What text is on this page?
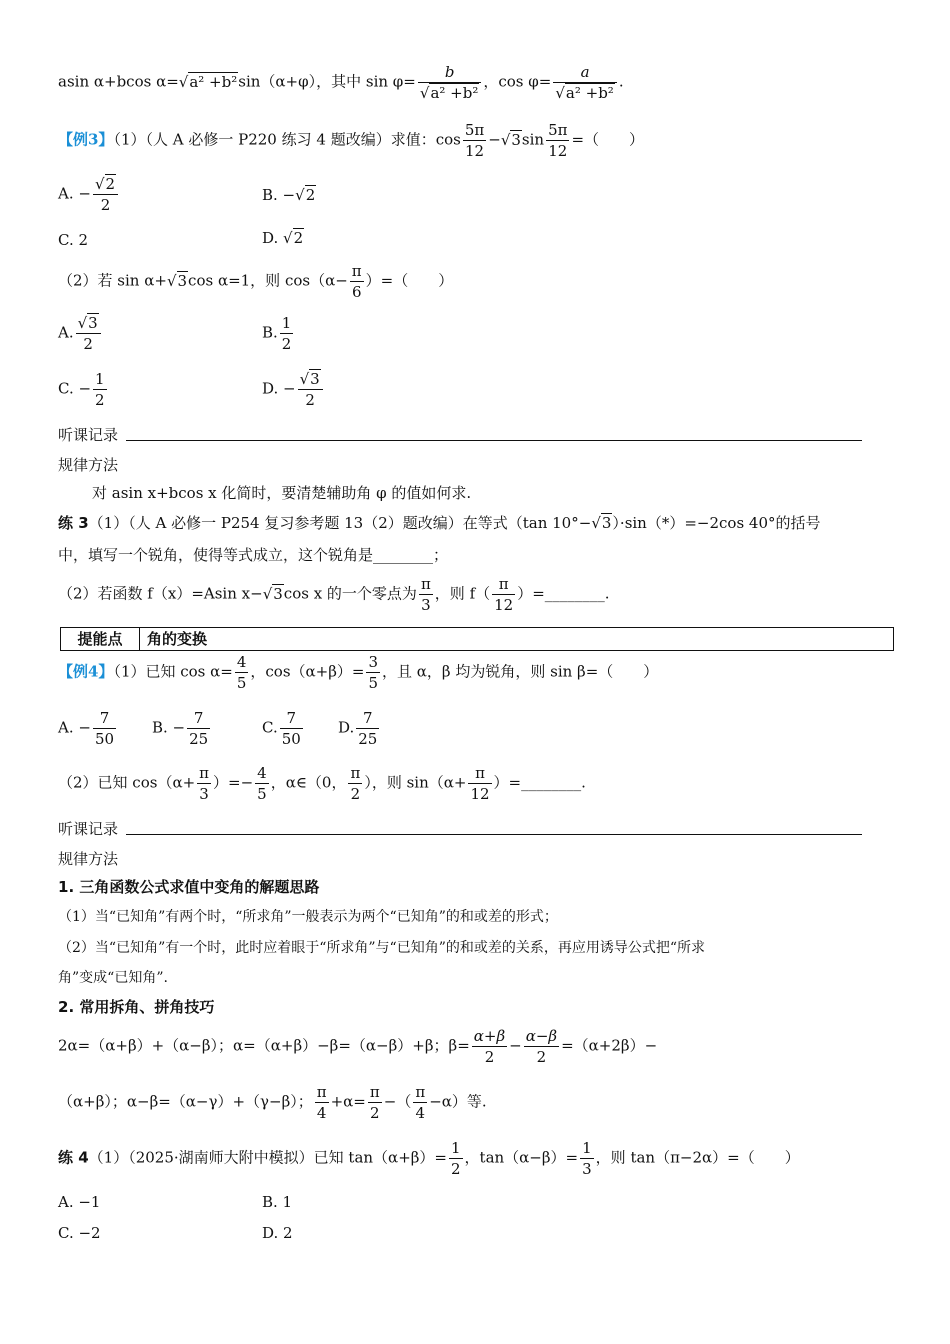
asin α+bcos α=√a² +b²sin（α+φ），其中 $\sin \varphi= \frac{b}{\text{√a² +b²}}$ ，$\cos \varphi= \frac{a}{\text{√a² +b²}}$ .
【例3】（1）（人 A 必修一 P220 练习 4 题改编）求值：$\cos \frac{5\pi}{12} -√3\sin \frac{5\pi}{12}$ =（　　）
A. − $\frac{√2}{2}$	B. −√2
C. 2	D. √2
（2）若 sin α+√3cos α=1，则 $\cos(\alpha- \frac{\pi}{6}$ ）=（　　）
A. $\frac{√3}{2}$	B. $\frac{1}{2}$
C. − $\frac{1}{2}$	D. − $\frac{√3}{2}$
听课记录
规律方法
对 asin x+bcos x 化简时，要清楚辅助角 φ 的值如何求.
练 3（1）（人 A 必修一 P254 复习参考题 13（2）题改编）在等式（tan 10°−√3）·sin（*）=−2cos 40°的括号
中，填写一个锐角，使得等式成立，这个锐角是________；
（2）若函数 f（x）=Asin x−√3cos x 的一个零点为 $\frac{\pi}{3}$ ，则 $f( \frac{\pi}{12}$ ）=________.
提能点	角的变换
【例4】（1）已知 $\cos \alpha= \frac{4}{5}$ ，$\cos(\alpha+\beta)= \frac{3}{5}$ ，且 α，β 均为锐角，则 sin β=（　　）
A. − $\frac{7}{50} B$. − $\frac{7}{25}$	C. $\frac{7}{50} D$. $\frac{7}{25}$
（2）已知 $\cos(\alpha+ \frac{\pi}{3}$ ）=− $\frac{4}{5}$ ，α∈（0， $\frac{\pi}{2}$ ），则 $\sin(\alpha+ \frac{\pi}{12}$ ）=________.
听课记录
规律方法
1. 三角函数公式求值中变角的解题思路
（1）当“已知角”有两个时，“所求角”一般表示为两个“已知角”的和或差的形式；
（2）当“已知角”有一个时，此时应着眼于“所求角”与“已知角”的和或差的关系，再应用诱导公式把“所求
角”变成“已知角”.
2. 常用拆角、拼角技巧
2α=（α+β）+（α−β）；α=（α+β）−β=（α−β）+β；$\beta= \frac{\alpha+\beta}{2} - \frac{\alpha-\beta}{2} =(\alpha+2\beta)-$
（α+β）；α−β=（α−γ）+（γ−β）； $\frac{\pi}{4} +\alpha= \frac{\pi}{2}$ −（ $\frac{\pi}{4} -\alpha$）等.
练 4（1）（2025·湖南师大附中模拟）已知 $\tan(\alpha+\beta)= \frac{1}{2}$ ，$\tan(\alpha-\beta)= \frac{1}{3}$ ，则 tan（π−2α）=（　　）
A. −1	B. 1
C. −2	D. 2
